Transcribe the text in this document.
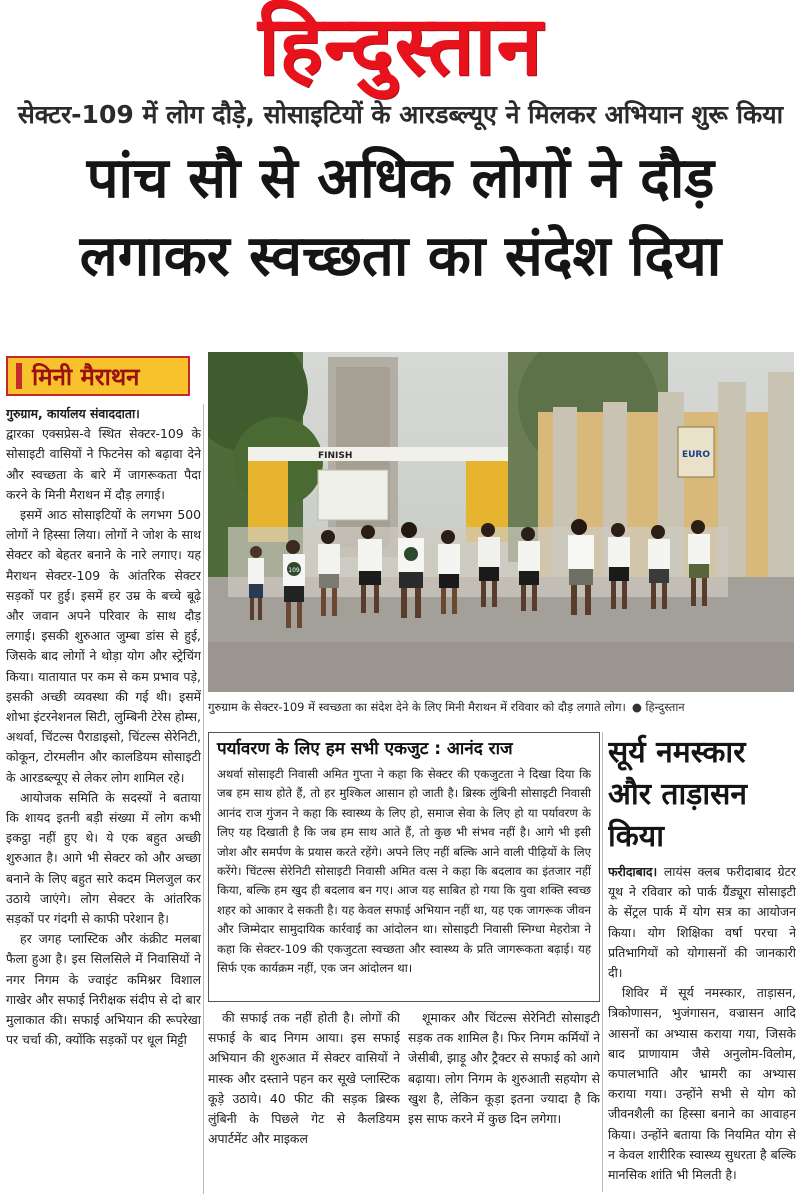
हिन्दुस्तान
सेक्टर-109 में लोग दौड़े, सोसाइटियों के आरडब्ल्यूए ने मिलकर अभियान शुरू किया
पांच सौ से अधिक लोगों ने दौड़
लगाकर स्वच्छता का संदेश दिया
मिनी मैराथन

गुरुग्राम, कार्यालय संवाददाता।

द्वारका एक्सप्रेस-वे स्थित सेक्टर-109 के सोसाइटी वासियों ने फिटनेस को बढ़ावा देने और स्वच्छता के बारे में जागरूकता पैदा करने के मिनी मैराथन में दौड़ लगाई।

इसमें आठ सोसाइटियों के लगभग 500 लोगों ने हिस्सा लिया। लोगों ने जोश के साथ सेक्टर को बेहतर बनाने के नारे लगाए। यह मैराथन सेक्टर-109 के आंतरिक सेक्टर सड़कों पर हुई। इसमें हर उम्र के बच्चे बूढ़े और जवान अपने परिवार के साथ दौड़ लगाई। इसकी शुरुआत जुम्बा डांस से हुई, जिसके बाद लोगों ने थोड़ा योग और स्ट्रेचिंग किया। यातायात पर कम से कम प्रभाव पड़े, इसकी अच्छी व्यवस्था की गई थी। इसमें शोभा इंटरनेशनल सिटी, लुम्बिनी टेरेस होम्स, अथर्वा, चिंटल्स पैराडाइसो, चिंटल्स सेरेनिटी, कोकून, टोरमलीन और कालडियम सोसाइटी के आरडब्ल्यूए से लेकर लोग शामिल रहे।

आयोजक समिति के सदस्यों ने बताया कि शायद इतनी बड़ी संख्या में लोग कभी इकट्ठा नहीं हुए थे। ये एक बहुत अच्छी शुरुआत है। आगे भी सेक्टर को और अच्छा बनाने के लिए बहुत सारे कदम मिलजुल कर उठाये जाएंगे। लोग सेक्टर के आंतरिक सड़कों पर गंदगी से काफी परेशान है।

हर जगह प्लास्टिक और कंक्रीट मलबा फैला हुआ है। इस सिलसिले में निवासियों ने नगर निगम के ज्वाइंट कमिश्नर विशाल गाखेर और सफाई निरीक्षक संदीप से दो बार मुलाकात की। सफाई अभियान की रूपरेखा पर चर्चा की, क्योंकि सड़कों पर धूल मिट्टी

EURO
FINISH
109
गुरुग्राम के सेक्टर-109 में स्वच्छता का संदेश देने के लिए मिनी मैराथन में रविवार को दौड़ लगाते लोग। ● हिन्दुस्तान
पर्यावरण के लिए हम सभी एकजुट : आनंद राज

अथर्वा सोसाइटी निवासी अमित गुप्ता ने कहा कि सेक्टर की एकजुटता ने दिखा दिया कि जब हम साथ होते हैं, तो हर मुश्किल आसान हो जाती है। ब्रिस्क लुंबिनी सोसाइटी निवासी आनंद राज गुंजन ने कहा कि स्वास्थ्य के लिए हो, समाज सेवा के लिए हो या पर्यावरण के लिए यह दिखाती है कि जब हम साथ आते हैं, तो कुछ भी संभव नहीं है। आगे भी इसी जोश और समर्पण के प्रयास करते रहेंगे। अपने लिए नहीं बल्कि आने वाली पीढ़ियों के लिए करेंगे। चिंटल्स सेरेनिटी सोसाइटी निवासी अमित वत्स ने कहा कि बदलाव का इंतजार नहीं किया, बल्कि हम खुद ही बदलाव बन गए। आज यह साबित हो गया कि युवा शक्ति स्वच्छ शहर को आकार दे सकती है। यह केवल सफाई अभियान नहीं था, यह एक जागरूक जीवन और जिम्मेदार सामुदायिक कार्रवाई का आंदोलन था। सोसाइटी निवासी स्निग्धा मेहरोत्रा ने कहा कि सेक्टर-109 की एकजुटता स्वच्छता और स्वास्थ्य के प्रति जागरूकता बढ़ाई। यह सिर्फ एक कार्यक्रम नहीं, एक जन आंदोलन था।

की सफाई तक नहीं होती है। लोगों की सफाई के बाद निगम आया। इस सफाई अभियान की शुरुआत में सेक्टर वासियों ने मास्क और दस्ताने पहन कर सूखे प्लास्टिक कूड़े उठाये। 40 फीट की सड़क ब्रिस्क लुंबिनी के पिछले गेट से कैलडियम अपार्टमेंट और माइकल

शूमाकर और चिंटल्स सेरेनिटी सोसाइटी सड़क तक शामिल है। फिर निगम कर्मियों ने जेसीबी, झाड़ू और ट्रैक्टर से सफाई को आगे बढ़ाया। लोग निगम के शुरुआती सहयोग से खुश है, लेकिन कूड़ा इतना ज्यादा है कि इस साफ करने में कुछ दिन लगेगा।

सूर्य नमस्कार और ताड़ासन किया

फरीदाबाद। लायंस क्लब फरीदाबाद ग्रेटर यूथ ने रविवार को पार्क ग्रैंड्यूरा सोसाइटी के सेंट्रल पार्क में योग सत्र का आयोजन किया। योग शिक्षिका वर्षा परचा ने प्रतिभागियों को योगासनों की जानकारी दी।

शिविर में सूर्य नमस्कार, ताड़ासन, त्रिकोणासन, भुजंगासन, वज्रासन आदि आसनों का अभ्यास कराया गया, जिसके बाद प्राणायाम जैसे अनुलोम-विलोम, कपालभाति और भ्रामरी का अभ्यास कराया गया। उन्होंने सभी से योग को जीवनशैली का हिस्सा बनाने का आवाहन किया। उन्होंने बताया कि नियमित योग से न केवल शारीरिक स्वास्थ्य सुधरता है बल्कि मानसिक शांति भी मिलती है।
